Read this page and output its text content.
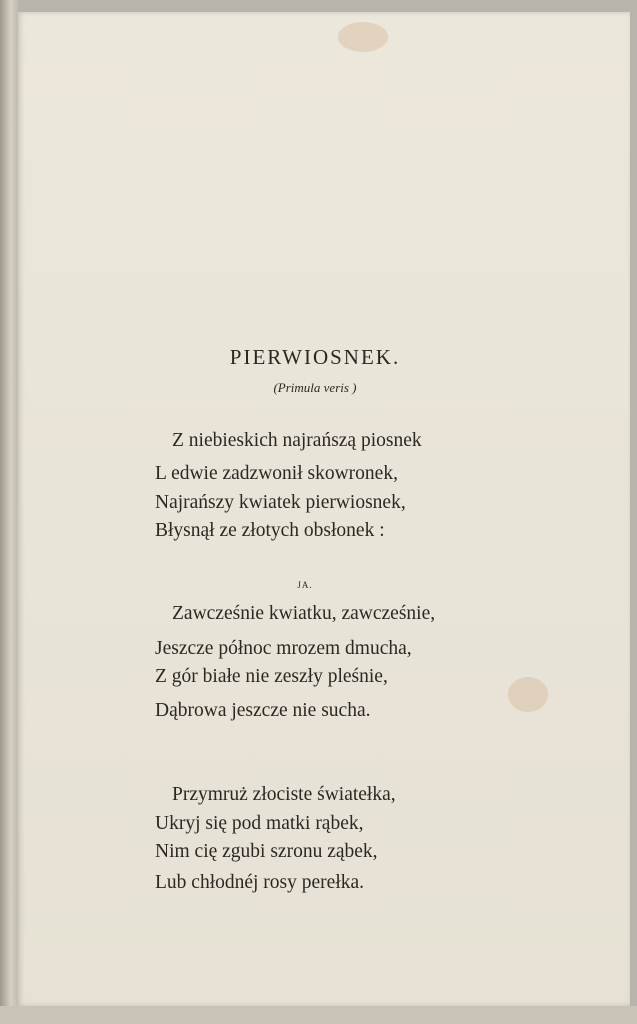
PIERWIOSNEK.
(Primula veris )
Z niebieskich najrańszą piosnek
L edwie zadzwonił skowronek,
Najrańszy kwiatek pierwiosnek,
Błysnął ze złotych obsłonek :
JA.
Zawcześnie kwiatku, zawcześnie,
Jeszcze północ mrozem dmucha,
Z gór białe nie zeszły pleśnie,
Dąbrowa jeszcze nie sucha.
Przymruż złociste światełka,
Ukryj się pod matki rąbek,
Nim cię zgubi szronu ząbek,
Lub chłodnéj rosy perełka.
